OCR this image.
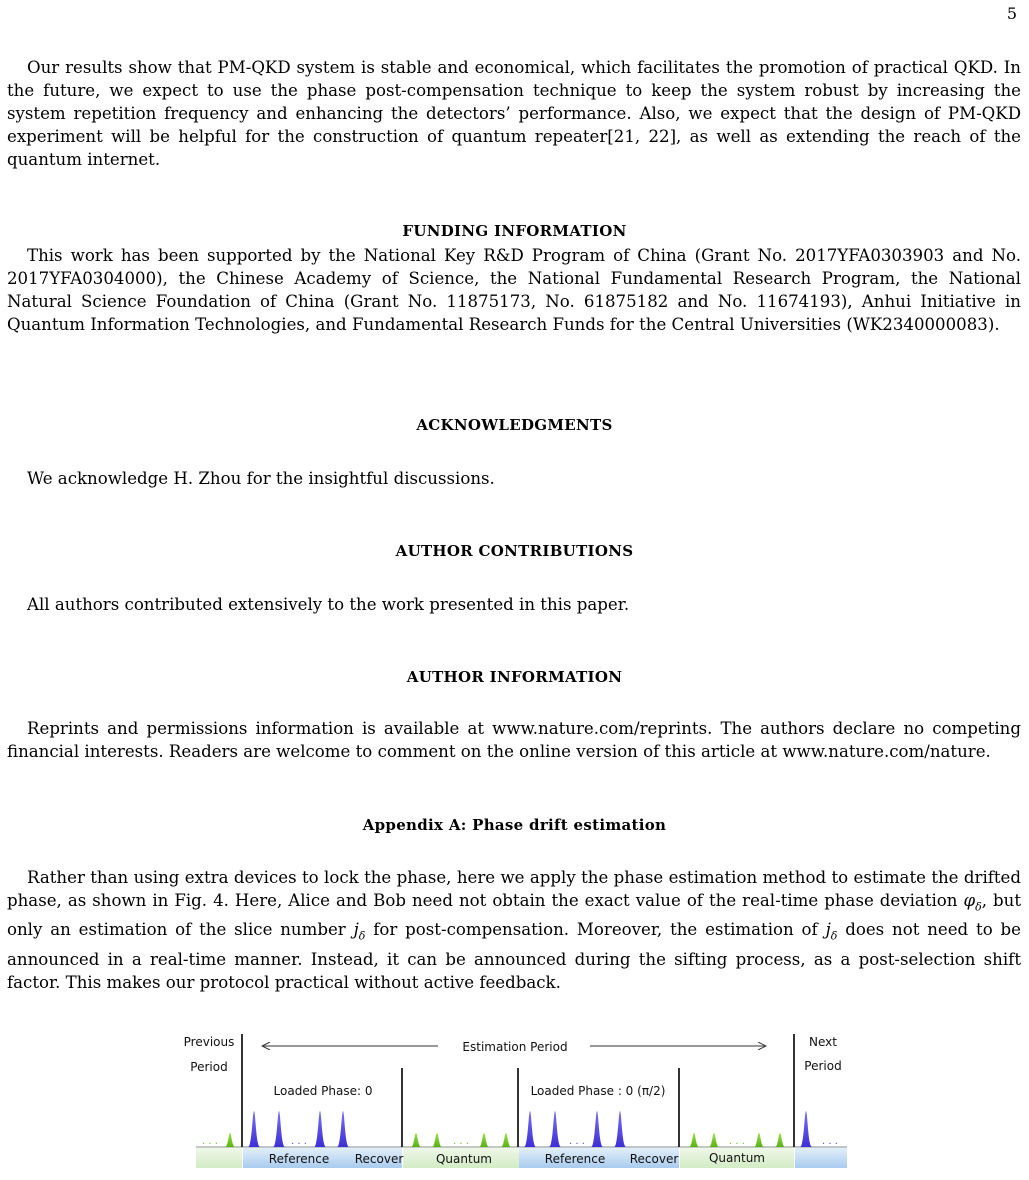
5

Our results show that PM-QKD system is stable and economical, which facilitates the promotion of practical QKD. In the future, we expect to use the phase post-compensation technique to keep the system robust by increasing the system repetition frequency and enhancing the detectors’ performance. Also, we expect that the design of PM-QKD experiment will be helpful for the construction of quantum repeater[21, 22], as well as extending the reach of the quantum internet.

FUNDING INFORMATION

This work has been supported by the National Key R&D Program of China (Grant No. 2017YFA0303903 and No. 2017YFA0304000), the Chinese Academy of Science, the National Fundamental Research Program, the National Natural Science Foundation of China (Grant No. 11875173, No. 61875182 and No. 11674193), Anhui Initiative in Quantum Information Technologies, and Fundamental Research Funds for the Central Universities (WK2340000083).

ACKNOWLEDGMENTS

We acknowledge H. Zhou for the insightful discussions.

AUTHOR CONTRIBUTIONS

All authors contributed extensively to the work presented in this paper.

AUTHOR INFORMATION

Reprints and permissions information is available at www.nature.com/reprints. The authors declare no competing financial interests. Readers are welcome to comment on the online version of this article at www.nature.com/nature.

Appendix A: Phase drift estimation

Rather than using extra devices to lock the phase, here we apply the phase estimation method to estimate the drifted phase, as shown in Fig. 4. Here, Alice and Bob need not obtain the exact value of the real-time phase deviation $\varphi_\delta$, but only an estimation of the slice number $j_\delta$ for post-compensation. Moreover, the estimation of $j_\delta$ does not need to be announced in a real-time manner. Instead, it can be announced during the sifting process, as a post-selection shift factor. This makes our protocol practical without active feedback.

Estimation Period
Previous
Period
Next
Period
Loaded Phase: 0	Loaded Phase : 0 (π/2)
. . .	. . .	. . .	. . .	. . .	. . .
Reference Recover	Quantum	Reference Recover	Quantum
